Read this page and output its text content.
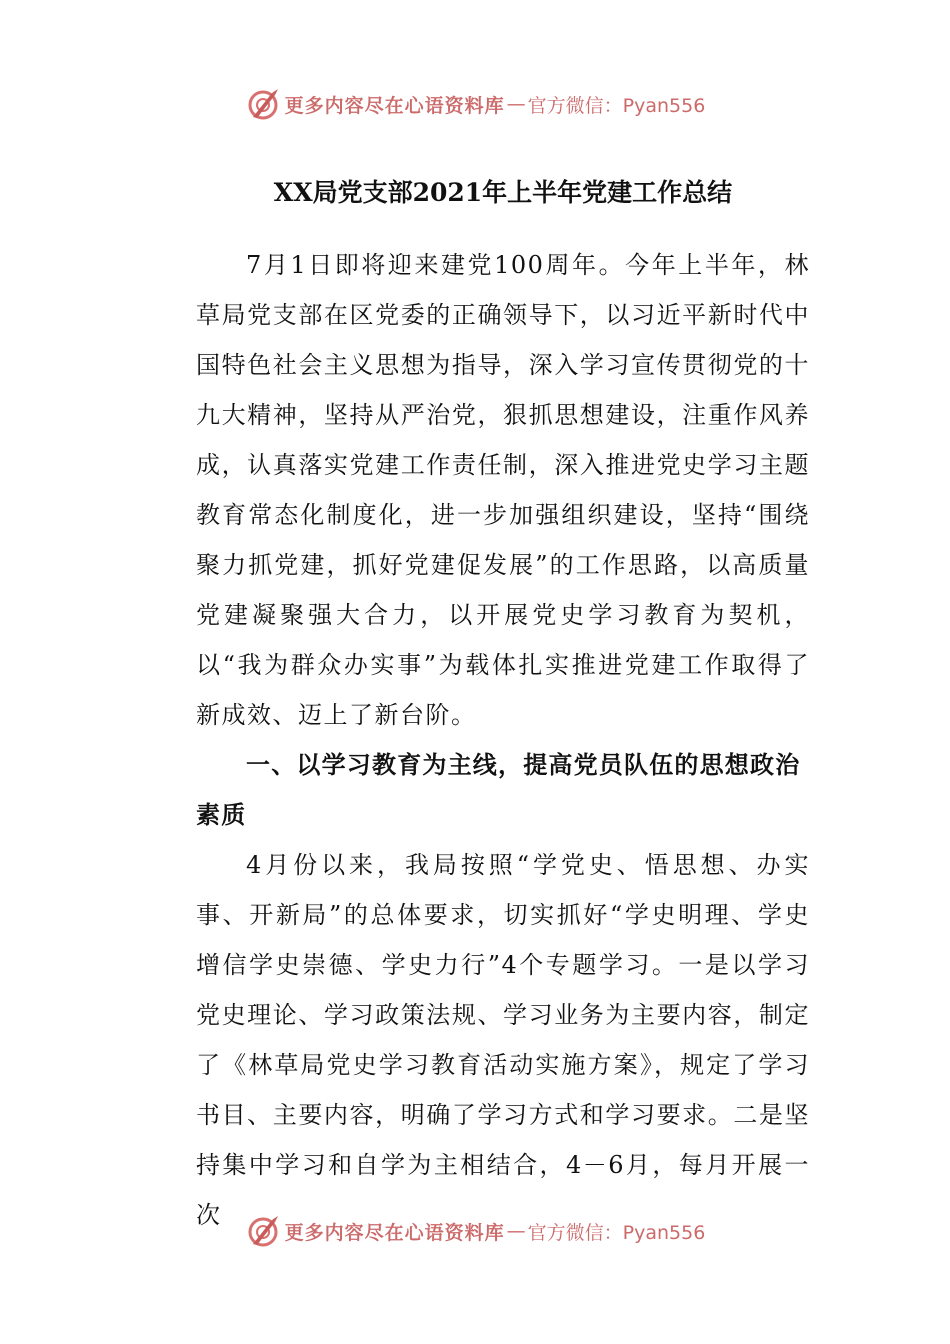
更多内容尽在心语资料库 — 官方微信：Pyan556
XX局党支部2021年上半年党建工作总结

7月1日即将迎来建党100周年。今年上半年，林草局党支部在区党委的正确领导下，以习近平新时代中国特色社会主义思想为指导，深入学习宣传贯彻党的十九大精神，坚持从严治党，狠抓思想建设，注重作风养成，认真落实党建工作责任制，深入推进党史学习主题教育常态化制度化，进一步加强组织建设，坚持“围绕聚力抓党建，抓好党建促发展”的工作思路，以高质量党建凝聚强大合力，以开展党史学习教育为契机，以“我为群众办实事”为载体扎实推进党建工作取得了新成效、迈上了新台阶。

一、以学习教育为主线，提高党员队伍的思想政治素质

4月份以来，我局按照“学党史、悟思想、办实事、开新局”的总体要求，切实抓好“学史明理、学史增信学史崇德、学史力行”4个专题学习。一是以学习党史理论、学习政策法规、学习业务为主要内容，制定了《林草局党史学习教育活动实施方案》，规定了学习书目、主要内容，明确了学习方式和学习要求。二是坚持集中学习和自学为主相结合，4－6月，每月开展一次

更多内容尽在心语资料库 — 官方微信：Pyan556
